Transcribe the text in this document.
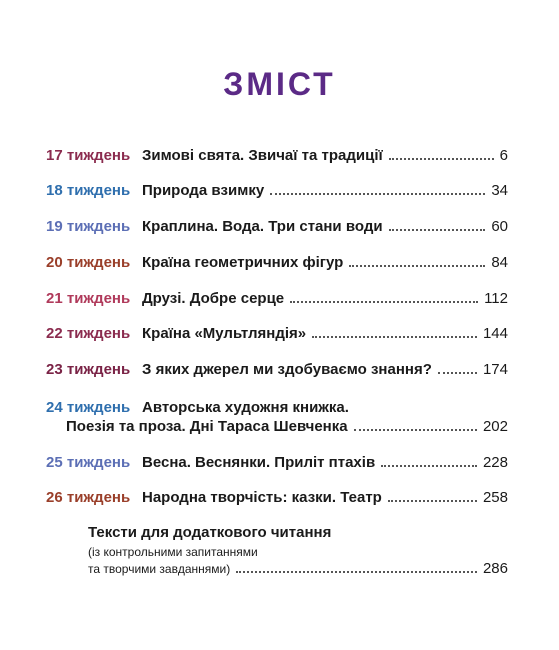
ЗМІСТ
17 тиждень Зимові свята. Звичаї та традиції	6
18 тиждень Природа взимку	34
19 тиждень Краплина. Вода. Три стани води	60
20 тиждень Країна геометричних фігур	84
21 тиждень Друзі. Добре серце	112
22 тиждень Країна «Мультляндія»	144
23 тиждень З яких джерел ми здобуваємо знання?	174
24 тиждень Авторська художня книжка.
Поезія та проза. Дні Тараса Шевченка	202
25 тиждень Весна. Веснянки. Приліт птахів	228
26 тиждень Народна творчість: казки. Театр	258
Тексти для додаткового читання
(із контрольними запитаннями
та творчими завданнями)	286
